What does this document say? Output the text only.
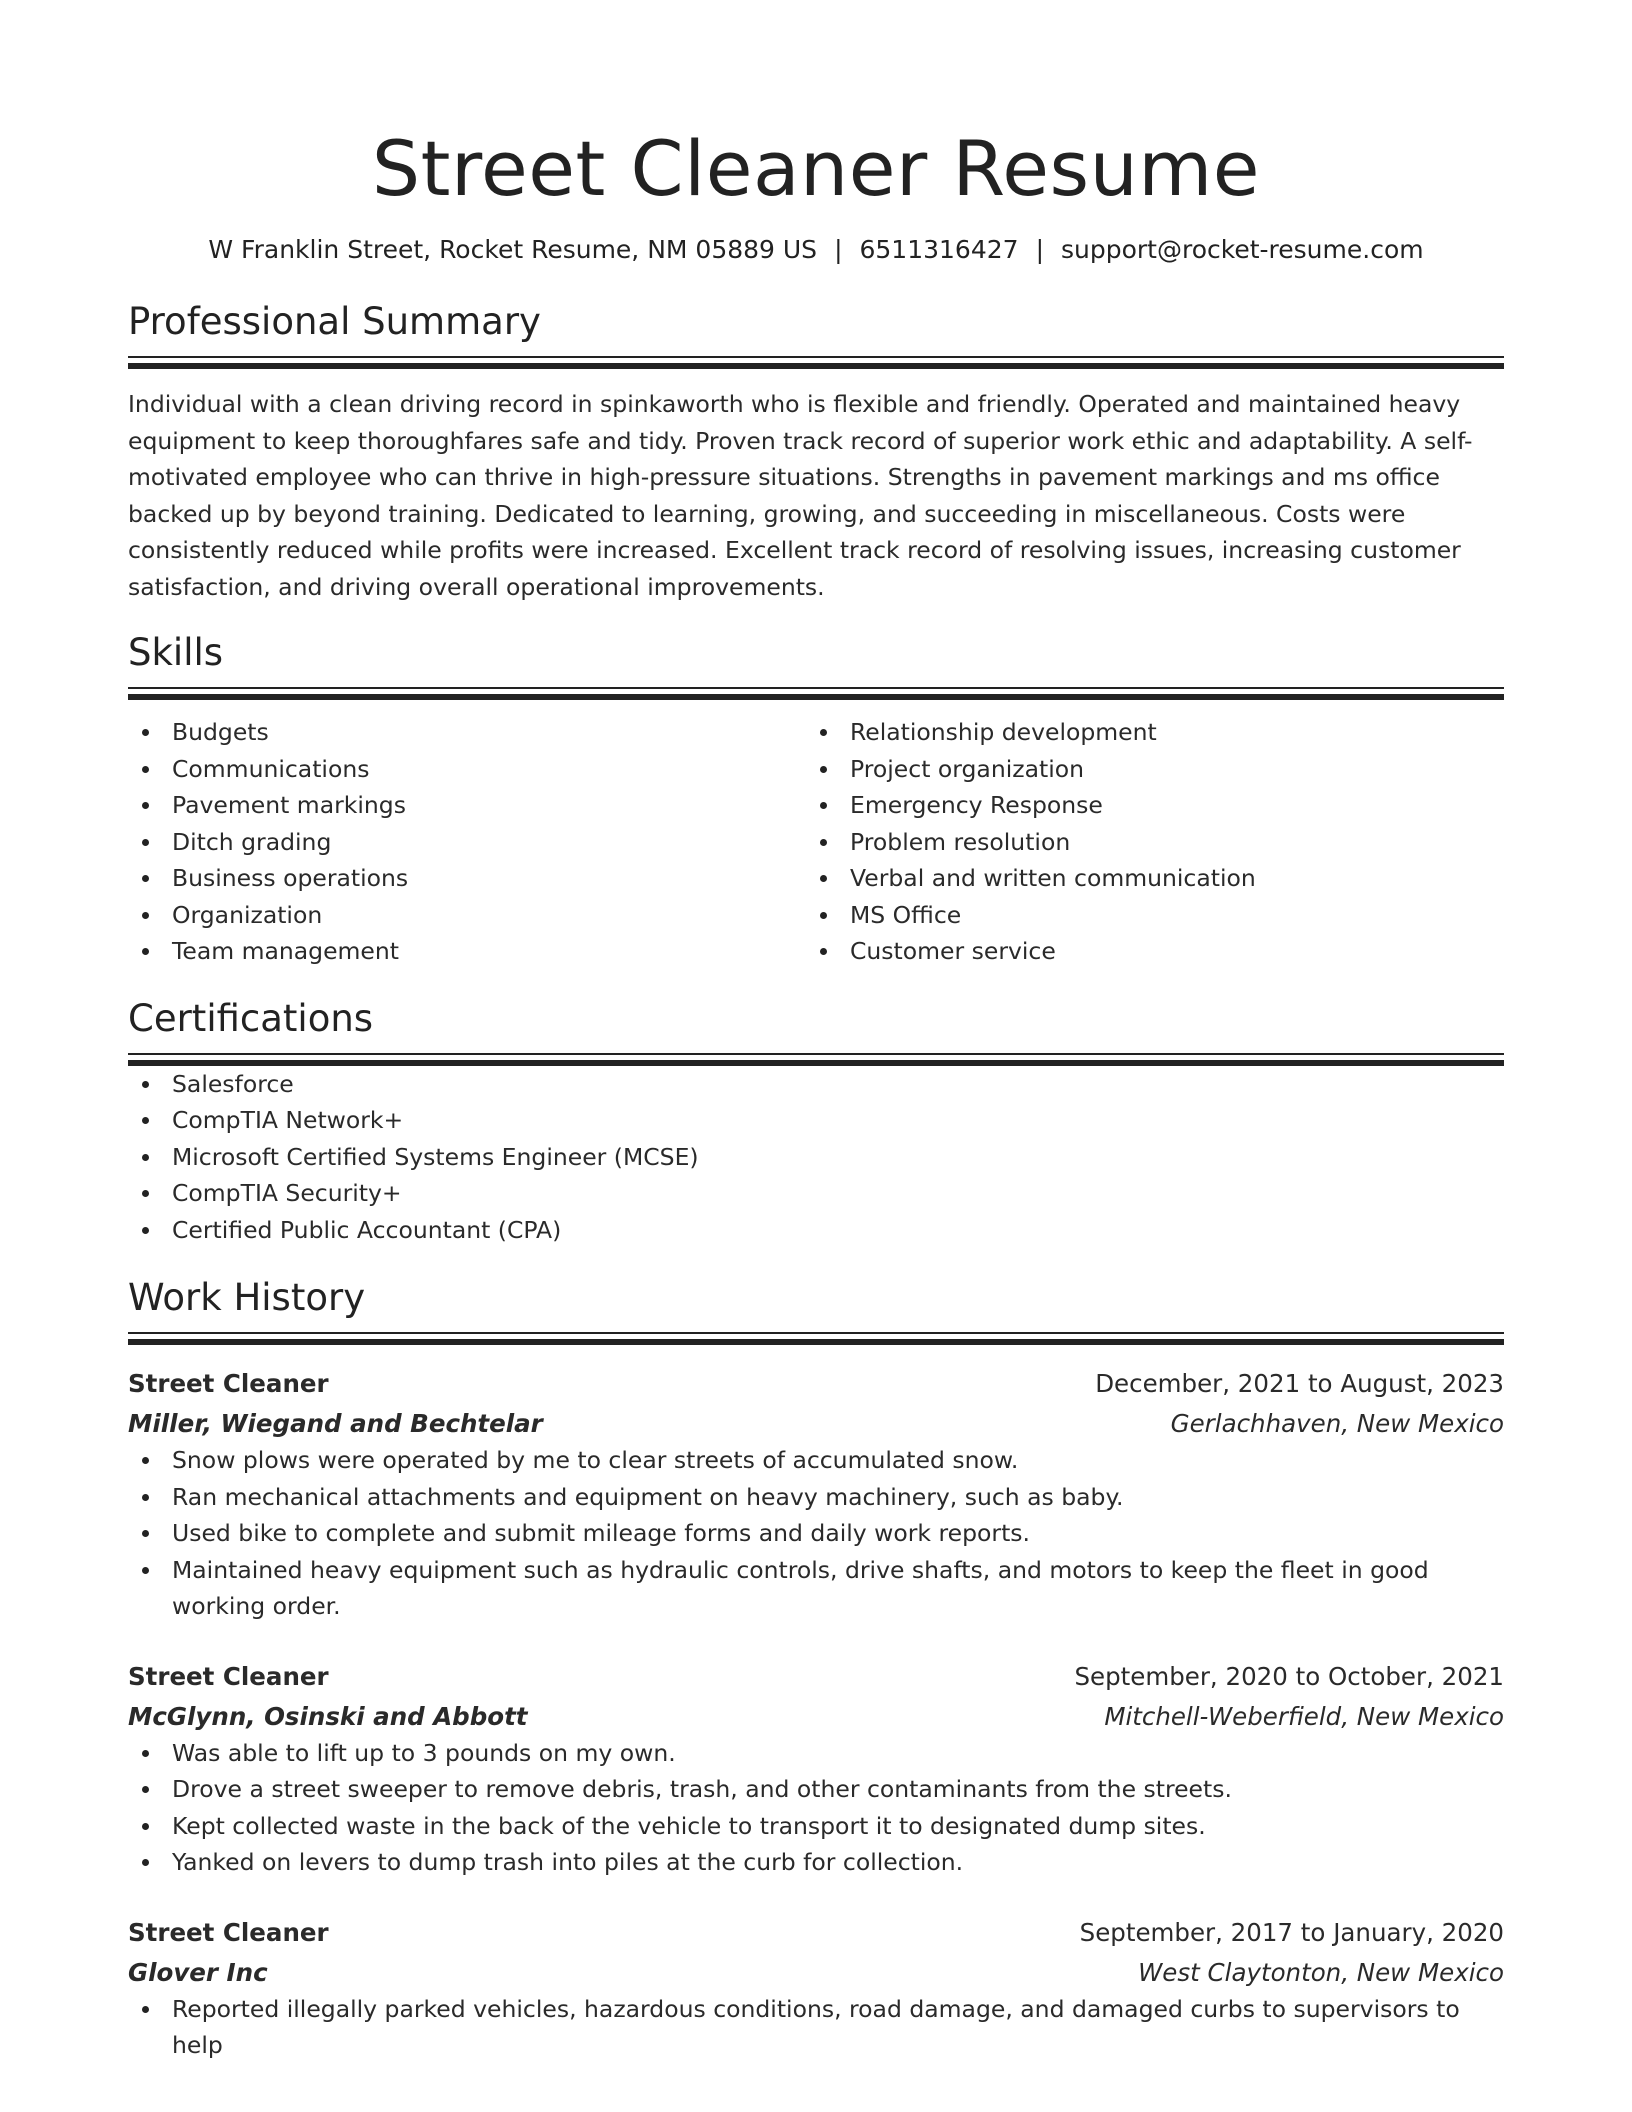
Street Cleaner Resume
W Franklin Street, Rocket Resume, NM 05889 US | 6511316427 | support@rocket-resume.com
Professional Summary

Individual with a clean driving record in spinkaworth who is flexible and friendly. Operated and maintained heavy equipment to keep thoroughfares safe and tidy. Proven track record of superior work ethic and adaptability. A self-motivated employee who can thrive in high-pressure situations. Strengths in pavement markings and ms office backed up by beyond training. Dedicated to learning, growing, and succeeding in miscellaneous. Costs were consistently reduced while profits were increased. Excellent track record of resolving issues, increasing customer satisfaction, and driving overall operational improvements.

Skills
Budgets
Communications
Pavement markings
Ditch grading
Business operations
Organization
Team management
Relationship development
Project organization
Emergency Response
Problem resolution
Verbal and written communication
MS Office
Customer service
Certifications
Salesforce
CompTIA Network+
Microsoft Certified Systems Engineer (MCSE)
CompTIA Security+
Certified Public Accountant (CPA)
Work History
Street Cleaner	December, 2021 to August, 2023
Miller, Wiegand and Bechtelar	Gerlachhaven, New Mexico
Snow plows were operated by me to clear streets of accumulated snow.
Ran mechanical attachments and equipment on heavy machinery, such as baby.
Used bike to complete and submit mileage forms and daily work reports.
Maintained heavy equipment such as hydraulic controls, drive shafts, and motors to keep the fleet in good working order.
Street Cleaner	September, 2020 to October, 2021
McGlynn, Osinski and Abbott	Mitchell-Weberfield, New Mexico
Was able to lift up to 3 pounds on my own.
Drove a street sweeper to remove debris, trash, and other contaminants from the streets.
Kept collected waste in the back of the vehicle to transport it to designated dump sites.
Yanked on levers to dump trash into piles at the curb for collection.
Street Cleaner	September, 2017 to January, 2020
Glover Inc	West Claytonton, New Mexico
Reported illegally parked vehicles, hazardous conditions, road damage, and damaged curbs to supervisors to help
